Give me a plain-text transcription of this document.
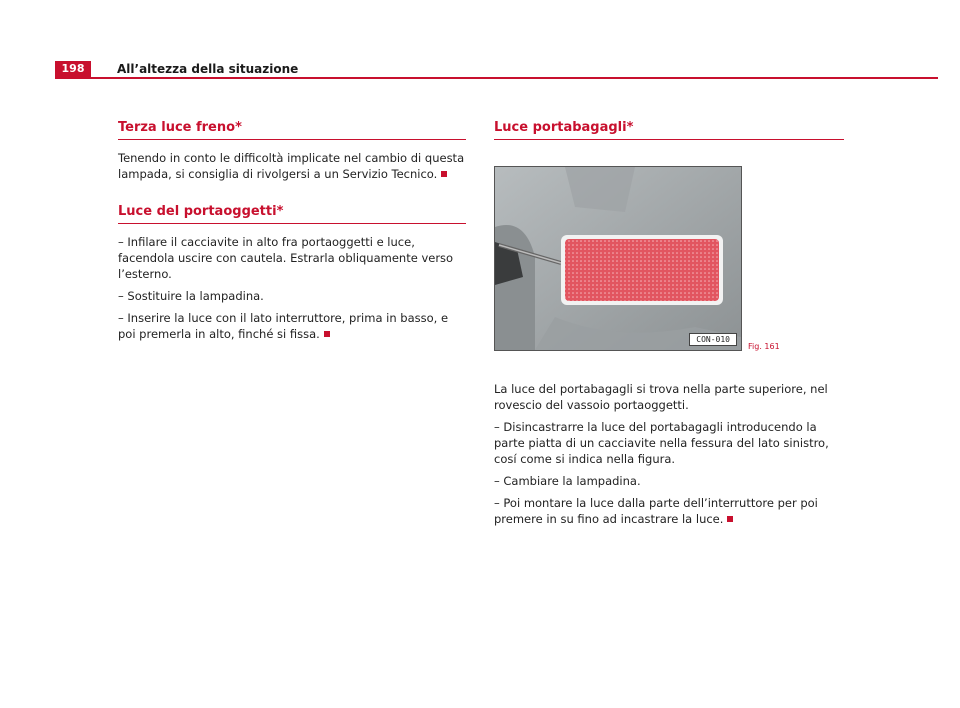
198	All’altezza della situazione
Terza luce freno*

Tenendo in conto le difficoltà implicate nel cambio di questa lampada, si consiglia di rivolgersi a un Servizio Tecnico.

Luce del portaoggetti*

– Infilare il cacciavite in alto fra portaoggetti e luce, facendola uscire con cautela. Estrarla obliquamente verso l’esterno.

– Sostituire la lampadina.

– Inserire la luce con il lato interruttore, prima in basso, e poi premerla in alto, finché si fissa.

Luce portabagagli*
CON-010
Fig. 161

La luce del portabagagli si trova nella parte superiore, nel rovescio del vassoio portaoggetti.

– Disincastrarre la luce del portabagagli introducendo la parte piatta di un cacciavite nella fessura del lato sinistro, cosí come si indica nella figura.

– Cambiare la lampadina.

– Poi montare la luce dalla parte dell’interruttore per poi premere in su fino ad incastrare la luce.
